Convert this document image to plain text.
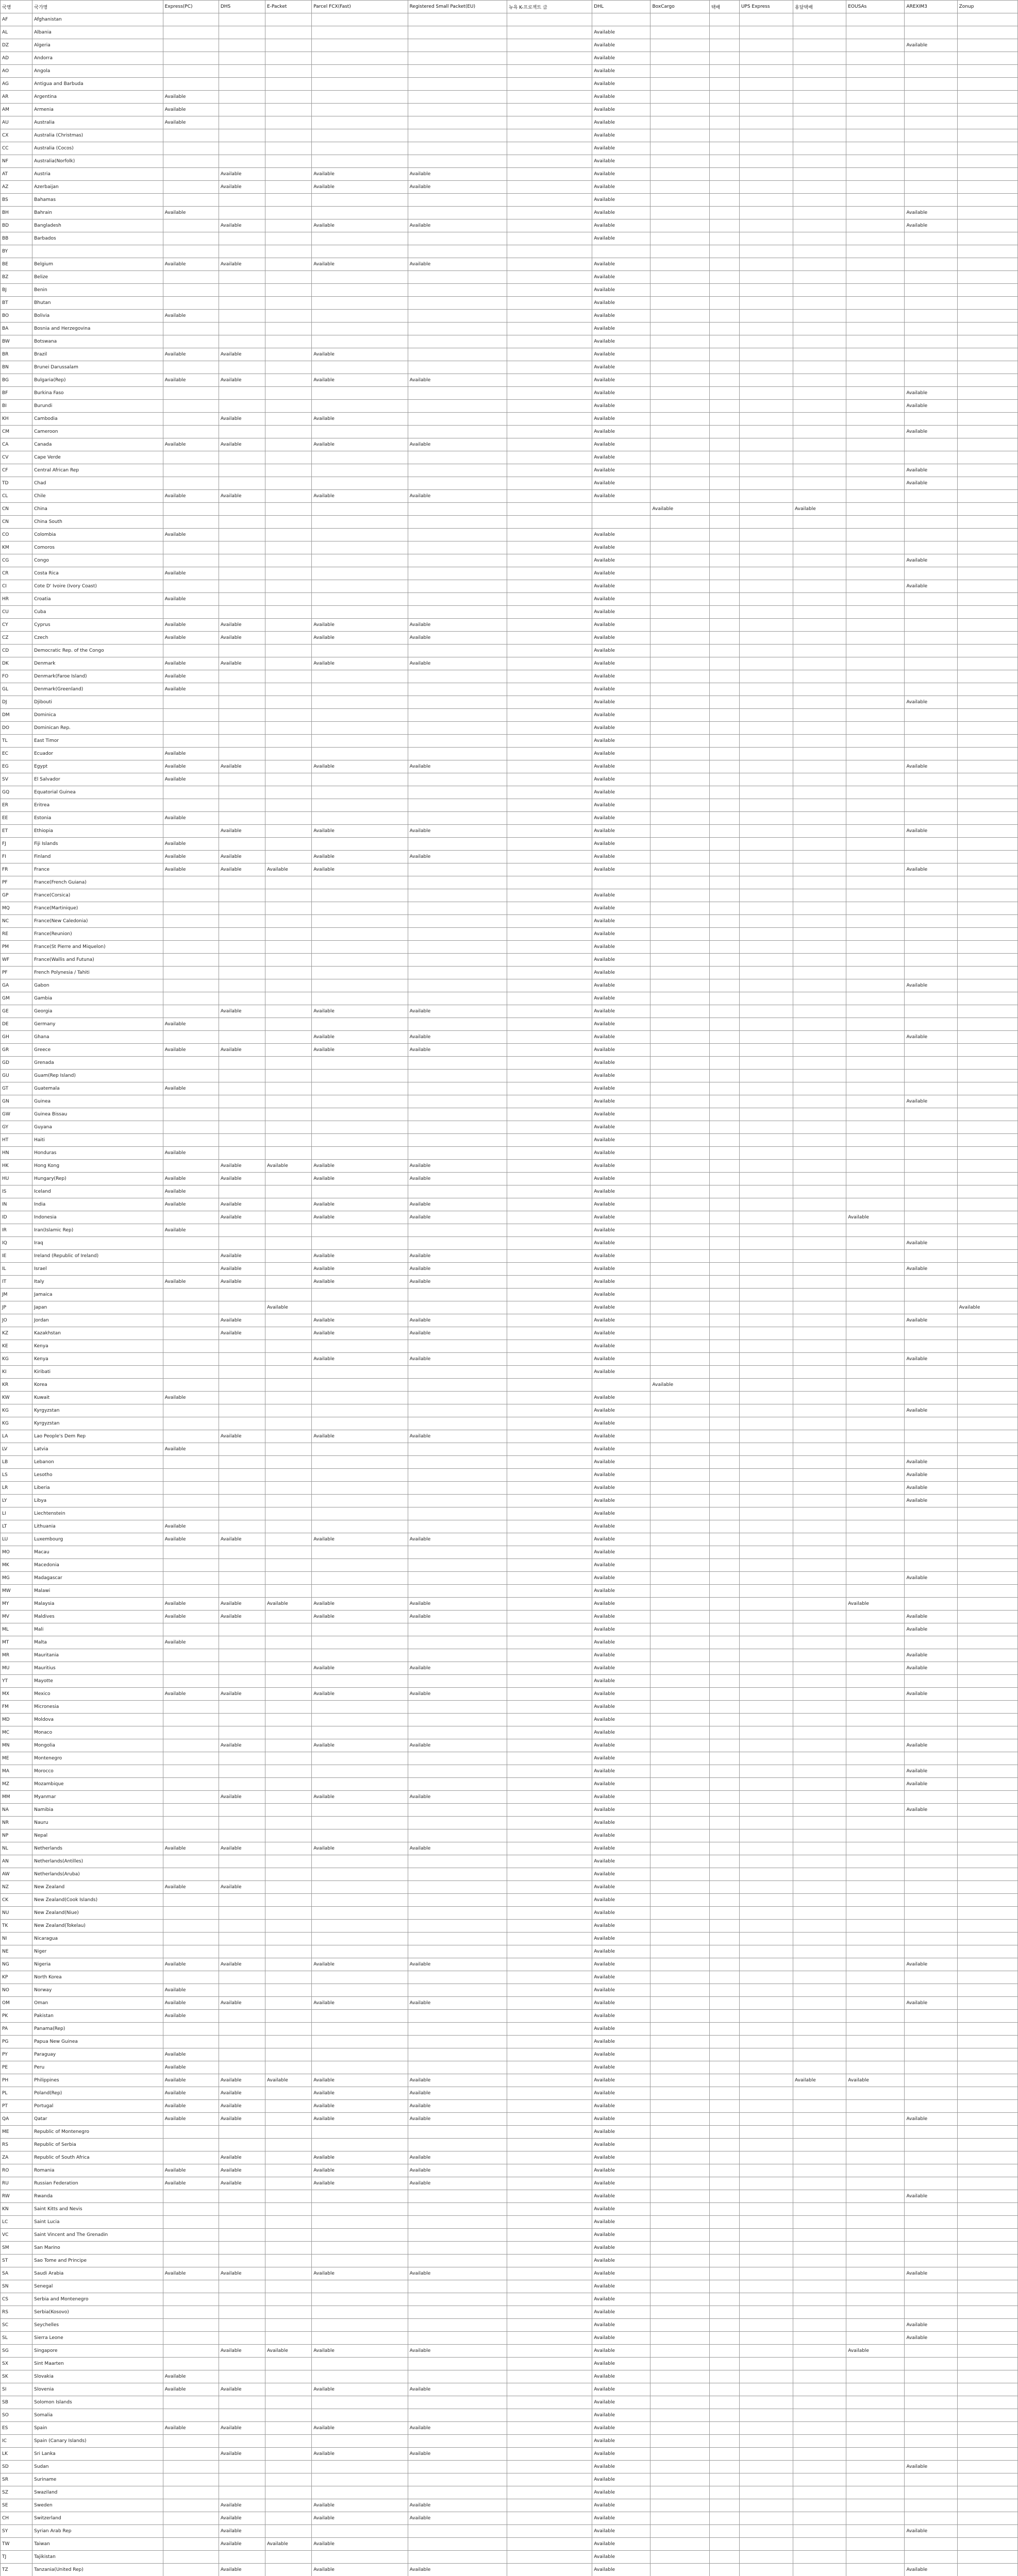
국명	국가명	Express(PC)	DHS	E-Packet	Parcel FCX(Fast)	Registered Small Packet(EU)	뉴욕 K-프로젝트 급	DHL	BoxCargo	택배	UPS Express	용달택배	EOUSAs	AREXIM3	Zonup
AF	Afghanistan														
AL	Albania							Available							
DZ	Algeria							Available						Available	
AD	Andorra							Available							
AO	Angola							Available							
AG	Antigua and Barbuda							Available							
AR	Argentina	Available						Available							
AM	Armenia	Available						Available							
AU	Australia	Available						Available							
CX	Australia (Christmas)							Available							
CC	Australia (Cocos)							Available							
NF	Australia(Norfolk)							Available							
AT	Austria		Available		Available	Available		Available							
AZ	Azerbaijan		Available		Available	Available		Available							
BS	Bahamas							Available							
BH	Bahrain	Available						Available						Available	
BD	Bangladesh		Available		Available	Available		Available						Available	
BB	Barbados							Available							
BY															
BE	Belgium	Available	Available		Available	Available		Available							
BZ	Belize							Available							
BJ	Benin							Available							
BT	Bhutan							Available							
BO	Bolivia	Available						Available							
BA	Bosnia and Herzegovina							Available							
BW	Botswana							Available							
BR	Brazil	Available	Available		Available			Available							
BN	Brunei Darussalam							Available							
BG	Bulgaria(Rep)	Available	Available		Available	Available		Available							
BF	Burkina Faso							Available						Available	
BI	Burundi							Available						Available	
KH	Cambodia		Available		Available			Available							
CM	Cameroon							Available						Available	
CA	Canada	Available	Available		Available	Available		Available							
CV	Cape Verde							Available							
CF	Central African Rep							Available						Available	
TD	Chad							Available						Available	
CL	Chile	Available	Available		Available	Available		Available							
CN	China								Available			Available			
CN	China South														
CO	Colombia	Available						Available							
KM	Comoros							Available							
CG	Congo							Available						Available	
CR	Costa Rica	Available						Available							
CI	Cote D' Ivoire (Ivory Coast)							Available						Available	
HR	Croatia	Available						Available							
CU	Cuba							Available							
CY	Cyprus	Available	Available		Available	Available		Available							
CZ	Czech	Available	Available		Available	Available		Available							
CD	Democratic Rep. of the Congo							Available							
DK	Denmark	Available	Available		Available	Available		Available							
FO	Denmark(Faroe Island)	Available						Available							
GL	Denmark(Greenland)	Available						Available							
DJ	Djibouti							Available						Available	
DM	Dominica							Available							
DO	Dominican Rep.							Available							
TL	East Timor							Available							
EC	Ecuador	Available						Available							
EG	Egypt	Available	Available		Available	Available		Available						Available	
SV	El Salvador	Available						Available							
GQ	Equatorial Guinea							Available							
ER	Eritrea							Available							
EE	Estonia	Available						Available							
ET	Ethiopia		Available		Available	Available		Available						Available	
FJ	Fiji Islands	Available						Available							
FI	Finland	Available	Available		Available	Available		Available							
FR	France	Available	Available	Available	Available			Available						Available	
PF	France(French Guiana)														
GP	France(Corsica)							Available							
MQ	France(Martinique)							Available							
NC	France(New Caledonia)							Available							
RE	France(Reunion)							Available							
PM	France(St Pierre and Miquelon)							Available							
WF	France(Wallis and Futuna)							Available							
PF	French Polynesia / Tahiti							Available							
GA	Gabon							Available						Available	
GM	Gambia							Available							
GE	Georgia		Available		Available	Available		Available							
DE	Germany	Available						Available							
GH	Ghana				Available	Available		Available						Available	
GR	Greece	Available	Available		Available	Available		Available							
GD	Grenada							Available							
GU	Guam(Rep Island)							Available							
GT	Guatemala	Available						Available							
GN	Guinea							Available						Available	
GW	Guinea Bissau							Available							
GY	Guyana							Available							
HT	Haiti							Available							
HN	Honduras	Available						Available							
HK	Hong Kong		Available	Available	Available	Available		Available							
HU	Hungary(Rep)	Available	Available		Available	Available		Available							
IS	Iceland	Available						Available							
IN	India	Available	Available		Available	Available		Available							
ID	Indonesia		Available		Available	Available		Available					Available		
IR	Iran(Islamic Rep)	Available						Available							
IQ	Iraq							Available						Available	
IE	Ireland (Republic of Ireland)		Available		Available	Available		Available							
IL	Israel		Available		Available	Available		Available						Available	
IT	Italy	Available	Available		Available	Available		Available							
JM	Jamaica							Available							
JP	Japan			Available				Available							Available
JO	Jordan		Available		Available	Available		Available						Available	
KZ	Kazakhstan		Available		Available	Available		Available							
KE	Kenya							Available							
KG	Kenya				Available	Available		Available						Available	
KI	Kiribati							Available							
KR	Korea								Available						
KW	Kuwait	Available						Available							
KG	Kyrgyzstan							Available						Available	
KG	Kyrgyzstan							Available							
LA	Lao People's Dem Rep		Available		Available	Available		Available							
LV	Latvia	Available						Available							
LB	Lebanon							Available						Available	
LS	Lesotho							Available						Available	
LR	Liberia							Available						Available	
LY	Libya							Available						Available	
LI	Liechtenstein							Available							
LT	Lithuania	Available						Available							
LU	Luxembourg	Available	Available		Available	Available		Available							
MO	Macau							Available							
MK	Macedonia							Available							
MG	Madagascar							Available						Available	
MW	Malawi							Available							
MY	Malaysia	Available	Available	Available	Available	Available		Available					Available		
MV	Maldives	Available	Available		Available	Available		Available						Available	
ML	Mali							Available						Available	
MT	Malta	Available						Available							
MR	Mauritania							Available						Available	
MU	Mauritius				Available	Available		Available						Available	
YT	Mayotte							Available							
MX	Mexico	Available	Available		Available	Available		Available						Available	
FM	Micronesia							Available							
MD	Moldova							Available							
MC	Monaco							Available							
MN	Mongolia		Available		Available	Available		Available						Available	
ME	Montenegro							Available							
MA	Morocco							Available						Available	
MZ	Mozambique							Available						Available	
MM	Myanmar		Available		Available	Available		Available							
NA	Namibia							Available						Available	
NR	Nauru							Available							
NP	Nepal							Available							
NL	Netherlands	Available	Available		Available	Available		Available							
AN	Netherlands(Antilles)							Available							
AW	Netherlands(Aruba)							Available							
NZ	New Zealand	Available	Available					Available							
CK	New Zealand(Cook Islands)							Available							
NU	New Zealand(Niue)							Available							
TK	New Zealand(Tokelau)							Available							
NI	Nicaragua							Available							
NE	Niger							Available							
NG	Nigeria	Available	Available		Available	Available		Available						Available	
KP	North Korea							Available							
NO	Norway	Available						Available							
OM	Oman	Available	Available		Available	Available		Available						Available	
PK	Pakistan	Available						Available							
PA	Panama(Rep)							Available							
PG	Papua New Guinea							Available							
PY	Paraguay	Available						Available							
PE	Peru	Available						Available							
PH	Philippines	Available	Available	Available	Available	Available		Available				Available	Available		
PL	Poland(Rep)	Available	Available		Available	Available		Available							
PT	Portugal	Available	Available		Available	Available		Available							
QA	Qatar	Available	Available		Available	Available		Available						Available	
ME	Republic of Montenegro							Available							
RS	Republic of Serbia							Available							
ZA	Republic of South Africa		Available		Available	Available		Available							
RO	Romania	Available	Available		Available	Available		Available							
RU	Russian Federation	Available	Available		Available	Available		Available							
RW	Rwanda							Available						Available	
KN	Saint Kitts and Nevis							Available							
LC	Saint Lucia							Available							
VC	Saint Vincent and The Grenadin							Available							
SM	San Marino							Available							
ST	Sao Tome and Principe							Available							
SA	Saudi Arabia	Available	Available		Available	Available		Available						Available	
SN	Senegal							Available							
CS	Serbia and Montenegro							Available							
RS	Serbia(Kosovo)							Available							
SC	Seychelles							Available						Available	
SL	Sierra Leone							Available						Available	
SG	Singapore		Available	Available	Available	Available		Available					Available		
SX	Sint Maarten							Available							
SK	Slovakia	Available						Available							
SI	Slovenia	Available	Available		Available	Available		Available							
SB	Solomon Islands							Available							
SO	Somalia							Available							
ES	Spain	Available	Available		Available	Available		Available							
IC	Spain (Canary Islands)							Available							
LK	Sri Lanka		Available		Available	Available		Available							
SD	Sudan							Available						Available	
SR	Suriname							Available							
SZ	Swaziland							Available							
SE	Sweden		Available		Available	Available		Available							
CH	Switzerland		Available		Available	Available		Available							
SY	Syrian Arab Rep		Available					Available						Available	
TW	Taiwan		Available	Available	Available			Available							
TJ	Tajikistan							Available							
TZ	Tanzania(United Rep)		Available		Available	Available		Available						Available	
